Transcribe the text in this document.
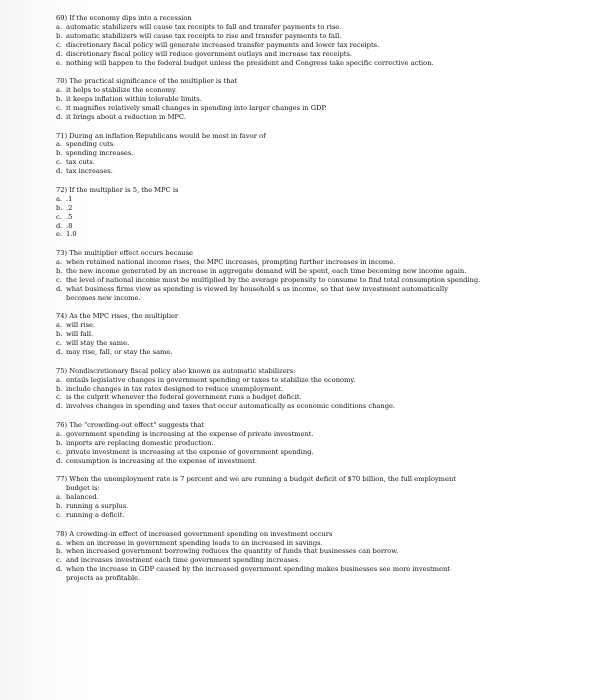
69) If the economy dips into a recession
a. automatic stabilizers will cause tax receipts to fall and transfer payments to rise.
b. automatic stabilizers will cause tax receipts to rise and transfer payments to fall.
c. discretionary fiscal policy will generate increased transfer payments and lower tax receipts.
d. discretionary fiscal policy will reduce government outlays and increase tax receipts.
e. nothing will happen to the federal budget unless the president and Congress take specific corrective action.
70) The practical significance of the multiplier is that
a. it helps to stabilize the economy.
b. it keeps inflation within tolerable limits.
c. it magnifies relatively small changes in spending into larger changes in GDP.
d. it brings about a reduction in MPC.
71) During an inflation Republicans would be most in favor of
a. spending cuts.
b. spending increases.
c. tax cuts.
d. tax increases.
72) If the multiplier is 5, the MPC is
a. .1
b. .2
c. .5
d. .8
e. 1.0
73) The multiplier effect occurs because
a. when retained national income rises, the MPC increases, prompting further increases in income.
b. the new income generated by an increase in aggregate demand will be spent, each time becoming new income again.
c. the level of national income must be multiplied by the average propensity to consume to find total consumption spending.
d. what business firms view as spending is viewed by household s as income, so that new investment automatically
becomes new income.
74) As the MPC rises, the multiplier
a. will rise.
b. will fall.
c. will stay the same.
d. may rise, fall, or stay the same.
75) Nondiscretionary fiscal policy also known as automatic stabilizers:
a. entails legislative changes in government spending or taxes to stabilize the economy.
b. include changes in tax rates designed to reduce unemployment.
c. is the culprit whenever the federal government runs a budget deficit.
d. involves changes in spending and taxes that occur automatically as economic conditions change.
76) The "crowding-out effect" suggests that
a. government spending is increasing at the expense of private investment.
b. imports are replacing domestic production.
c. private investment is increasing at the expense of government spending.
d. consumption is increasing at the expense of investment.
77) When the unemployment rate is 7 percent and we are running a budget deficit of $70 billion, the full employment
budget is:
a. balanced.
b. running a surplus.
c. running a deficit.
78) A crowding-in effect of increased government spending on investment occurs
a. when an increase in government spending leads to an increased in savings.
b. when increased government borrowing reduces the quantity of funds that businesses can borrow.
c. and increases investment each time government spending increases.
d. when the increase in GDP caused by the increased government spending makes businesses see more investment
projects as profitable.
